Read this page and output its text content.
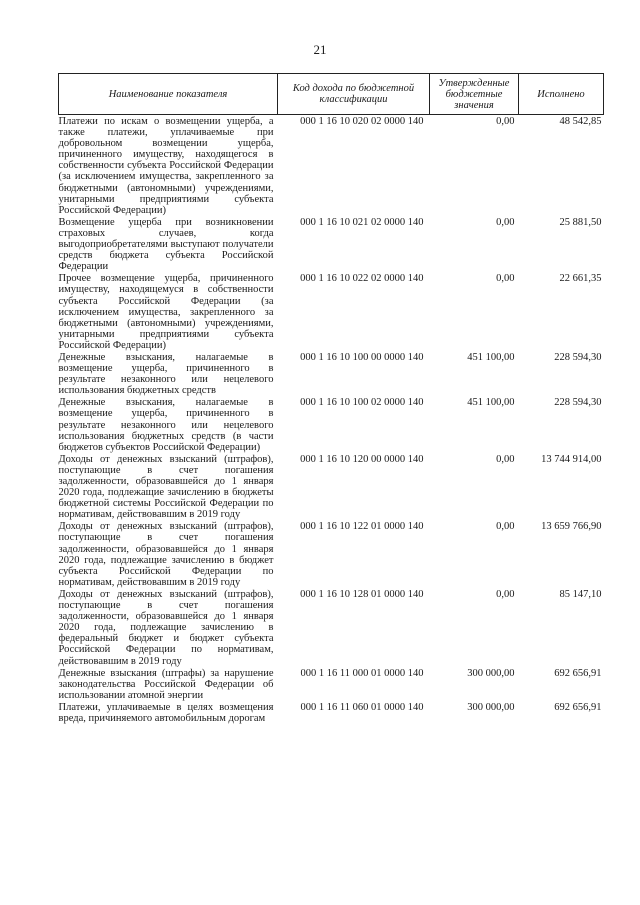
21
Наименование показателя	Код дохода по бюджетной классификации	Утвержденные бюджетные значения	Исполнено
Платежи по искам о возмещении ущерба, а также платежи, уплачиваемые при добровольном возмещении ущерба, причиненного имуществу, находящегося в собственности субъекта Российской Федерации (за исключением имущества, закрепленного за бюджетными (автономными) учреждениями, унитарными предприятиями субъекта Российской Федерации)	000 1 16 10 020 02 0000 140	0,00	48 542,85
Возмещение ущерба при возникновении страховых случаев, когда выгодоприобретателями выступают получатели средств бюджета субъекта Российской Федерации	000 1 16 10 021 02 0000 140	0,00	25 881,50
Прочее возмещение ущерба, причиненного имуществу, находящемуся в собственности субъекта Российской Федерации (за исключением имущества, закрепленного за бюджетными (автономными) учреждениями, унитарными предприятиями субъекта Российской Федерации)	000 1 16 10 022 02 0000 140	0,00	22 661,35
Денежные взыскания, налагаемые в возмещение ущерба, причиненного в результате незаконного или нецелевого использования бюджетных средств	000 1 16 10 100 00 0000 140	451 100,00	228 594,30
Денежные взыскания, налагаемые в возмещение ущерба, причиненного в результате незаконного или нецелевого использования бюджетных средств (в части бюджетов субъектов Российской Федерации)	000 1 16 10 100 02 0000 140	451 100,00	228 594,30
Доходы от денежных взысканий (штрафов), поступающие в счет погашения задолженности, образовавшейся до 1 января 2020 года, подлежащие зачислению в бюджеты бюджетной системы Российской Федерации по нормативам, действовавшим в 2019 году	000 1 16 10 120 00 0000 140	0,00	13 744 914,00
Доходы от денежных взысканий (штрафов), поступающие в счет погашения задолженности, образовавшейся до 1 января 2020 года, подлежащие зачислению в бюджет субъекта Российской Федерации по нормативам, действовавшим в 2019 году	000 1 16 10 122 01 0000 140	0,00	13 659 766,90
Доходы от денежных взысканий (штрафов), поступающие в счет погашения задолженности, образовавшейся до 1 января 2020 года, подлежащие зачислению в федеральный бюджет и бюджет субъекта Российской Федерации по нормативам, действовавшим в 2019 году	000 1 16 10 128 01 0000 140	0,00	85 147,10
Денежные взыскания (штрафы) за нарушение законодательства Российской Федерации об использовании атомной энергии	000 1 16 11 000 01 0000 140	300 000,00	692 656,91
Платежи, уплачиваемые в целях возмещения вреда, причиняемого автомобильным дорогам	000 1 16 11 060 01 0000 140	300 000,00	692 656,91
